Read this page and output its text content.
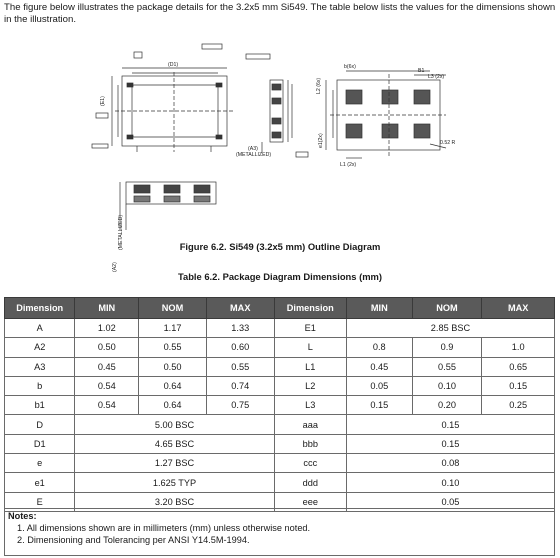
The figure below illustrates the package details for the 3.2x5 mm Si549. The table below lists the values for the dimensions shown in the illustration.
(D1)
(E1)
(A3)
(METALLIZED)
(A2)
(METALLIZED)
b(6x)
B1
L3 (2x)
L1 (2x)
0.52 R
e1(2x)
L2 (6x)
Figure 6.2. Si549 (3.2x5 mm) Outline Diagram
Table 6.2. Package Diagram Dimensions (mm)
Dimension	MIN	NOM	MAX	Dimension	MIN	NOM	MAX
A	1.02	1.17	1.33	E1	2.85 BSC		
A2	0.50	0.55	0.60	L	0.8	0.9	1.0
A3	0.45	0.50	0.55	L1	0.45	0.55	0.65
b	0.54	0.64	0.74	L2	0.05	0.10	0.15
b1	0.54	0.64	0.75	L3	0.15	0.20	0.25
D	5.00 BSC			aaa	0.15		
D1	4.65 BSC			bbb	0.15		
e	1.27 BSC			ccc	0.08		
e1	1.625 TYP			ddd	0.10		
E	3.20 BSC			eee	0.05		
Notes:
1. All dimensions shown are in millimeters (mm) unless otherwise noted.
2. Dimensioning and Tolerancing per ANSI Y14.5M-1994.
